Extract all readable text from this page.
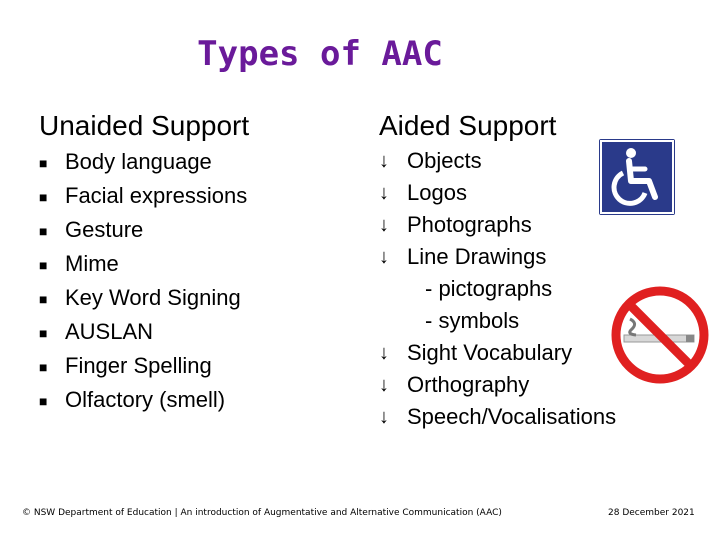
Types of AAC
Unaided Support	Aided Support
■ Body language
■ Facial expressions
■ Gesture
■ Mime
■ Key Word Signing
■ AUSLAN
■ Finger Spelling
■ Olfactory (smell)
↓ Objects
↓ Logos
↓ Photographs
↓ Line Drawings
- pictographs
- symbols
↓ Sight Vocabulary
↓ Orthography
↓ Speech/Vocalisations
© NSW Department of Education | An introduction of Augmentative and Alternative Communication (AAC)	28 December 2021
